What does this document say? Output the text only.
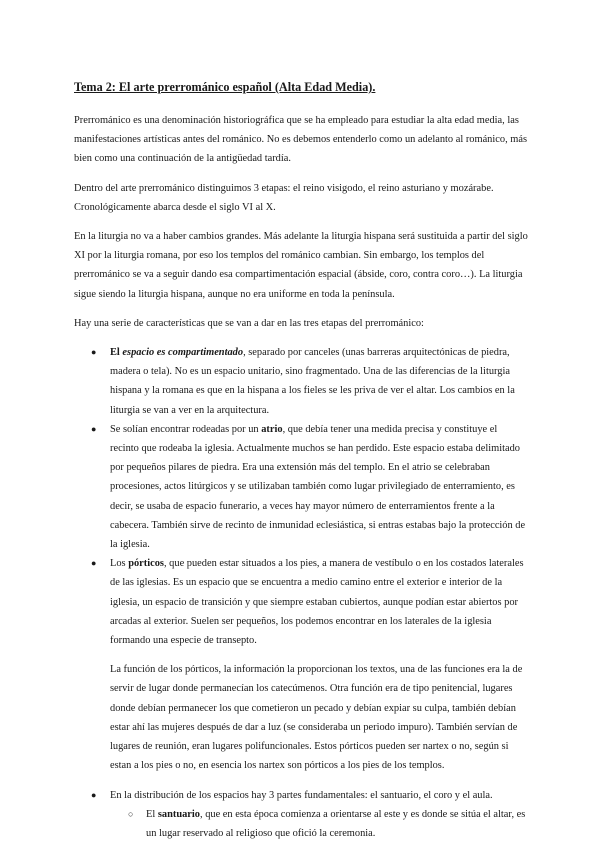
Tema 2: El arte prerrománico español (Alta Edad Media).

Prerrománico es una denominación historiográfica que se ha empleado para estudiar la alta edad media, las manifestaciones artísticas antes del románico. No es debemos entenderlo como un adelanto al románico, más bien como una continuación de la antigüedad tardía.

Dentro del arte prerrománico distinguimos 3 etapas: el reino visigodo, el reino asturiano y mozárabe. Cronológicamente abarca desde el siglo VI al X.

En la liturgia no va a haber cambios grandes. Más adelante la liturgia hispana será sustituida a partir del siglo XI por la liturgia romana, por eso los templos del románico cambian. Sin embargo, los templos del prerrománico se va a seguir dando esa compartimentación espacial (ábside, coro, contra coro…). La liturgia sigue siendo la liturgia hispana, aunque no era uniforme en toda la península.

Hay una serie de características que se van a dar en las tres etapas del prerrománico:

● El espacio es compartimentado, separado por canceles (unas barreras arquitectónicas de piedra, madera o tela). No es un espacio unitario, sino fragmentado. Una de las diferencias de la liturgia hispana y la romana es que en la hispana a los fieles se les priva de ver el altar. Los cambios en la liturgia se van a ver en la arquitectura.
● Se solían encontrar rodeadas por un atrio, que debía tener una medida precisa y constituye el recinto que rodeaba la iglesia. Actualmente muchos se han perdido. Este espacio estaba delimitado por pequeños pilares de piedra. Era una extensión más del templo. En el atrio se celebraban procesiones, actos litúrgicos y se utilizaban también como lugar privilegiado de enterramiento, es decir, se usaba de espacio funerario, a veces hay mayor número de enterramientos frente a la cabecera. También sirve de recinto de inmunidad eclesiástica, si entras estabas bajo la protección de la iglesia.
● Los pórticos, que pueden estar situados a los pies, a manera de vestíbulo o en los costados laterales de las iglesias. Es un espacio que se encuentra a medio camino entre el exterior e interior de la iglesia, un espacio de transición y que siempre estaban cubiertos, aunque podían estar abiertos por arcadas al exterior. Suelen ser pequeños, los podemos encontrar en los laterales de la iglesia formando una especie de transepto.

La función de los pórticos, la información la proporcionan los textos, una de las funciones era la de servir de lugar donde permanecían los catecúmenos. Otra función era de tipo penitencial, lugares donde debían permanecer los que cometieron un pecado y debían expiar su culpa, también debían estar ahí las mujeres después de dar a luz (se consideraba un periodo impuro). También servían de lugares de reunión, eran lugares polifuncionales. Estos pórticos pueden ser nartex o no, según si estan a los pies o no, en esencia los nartex son pórticos a los pies de los templos.

● En la distribución de los espacios hay 3 partes fundamentales: el santuario, el coro y el aula.
○ El santuario, que en esta época comienza a orientarse al este y es donde se sitúa el altar, es un lugar reservado al religioso que ofició la ceremonia.
